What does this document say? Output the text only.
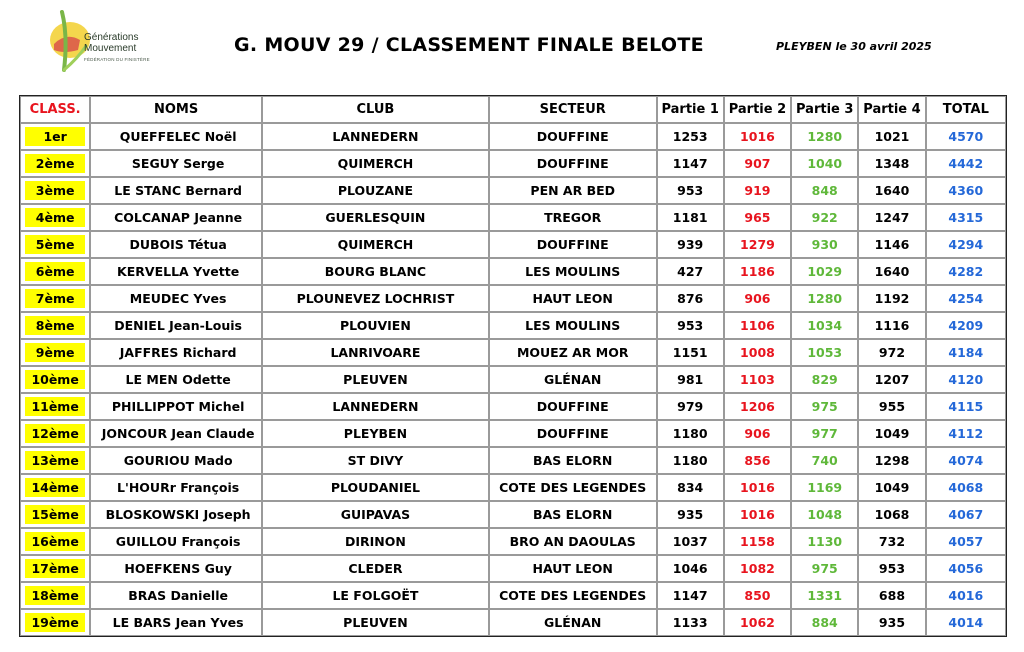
Générations
Mouvement
FÉDÉRATION DU FINISTÈRE
G. MOUV 29 / CLASSEMENT FINALE BELOTE	PLEYBEN le 30 avril 2025
CLASS.	NOMS	CLUB	SECTEUR	Partie 1	Partie 2	Partie 3	Partie 4	TOTAL

1er	QUEFFELEC Noël	LANNEDERN	DOUFFINE	1253	1016	1280	1021	4570

2ème	SEGUY Serge	QUIMERCH	DOUFFINE	1147	907	1040	1348	4442

3ème	LE STANC Bernard	PLOUZANE	PEN AR BED	953	919	848	1640	4360

4ème	COLCANAP Jeanne	GUERLESQUIN	TREGOR	1181	965	922	1247	4315

5ème	DUBOIS Tétua	QUIMERCH	DOUFFINE	939	1279	930	1146	4294

6ème	KERVELLA Yvette	BOURG BLANC	LES MOULINS	427	1186	1029	1640	4282

7ème	MEUDEC Yves	PLOUNEVEZ LOCHRIST	HAUT LEON	876	906	1280	1192	4254

8ème	DENIEL Jean-Louis	PLOUVIEN	LES MOULINS	953	1106	1034	1116	4209

9ème	JAFFRES Richard	LANRIVOARE	MOUEZ AR MOR	1151	1008	1053	972	4184

10ème	LE MEN Odette	PLEUVEN	GLÉNAN	981	1103	829	1207	4120

11ème	PHILLIPPOT Michel	LANNEDERN	DOUFFINE	979	1206	975	955	4115

12ème	JONCOUR Jean Claude	PLEYBEN	DOUFFINE	1180	906	977	1049	4112

13ème	GOURIOU Mado	ST DIVY	BAS ELORN	1180	856	740	1298	4074

14ème	L'HOURr François	PLOUDANIEL	COTE DES LEGENDES	834	1016	1169	1049	4068

15ème	BLOSKOWSKI Joseph	GUIPAVAS	BAS ELORN	935	1016	1048	1068	4067

16ème	GUILLOU François	DIRINON	BRO AN DAOULAS	1037	1158	1130	732	4057

17ème	HOEFKENS Guy	CLEDER	HAUT LEON	1046	1082	975	953	4056

18ème	BRAS Danielle	LE FOLGOËT	COTE DES LEGENDES	1147	850	1331	688	4016

19ème	LE BARS Jean Yves	PLEUVEN	GLÉNAN	1133	1062	884	935	4014
